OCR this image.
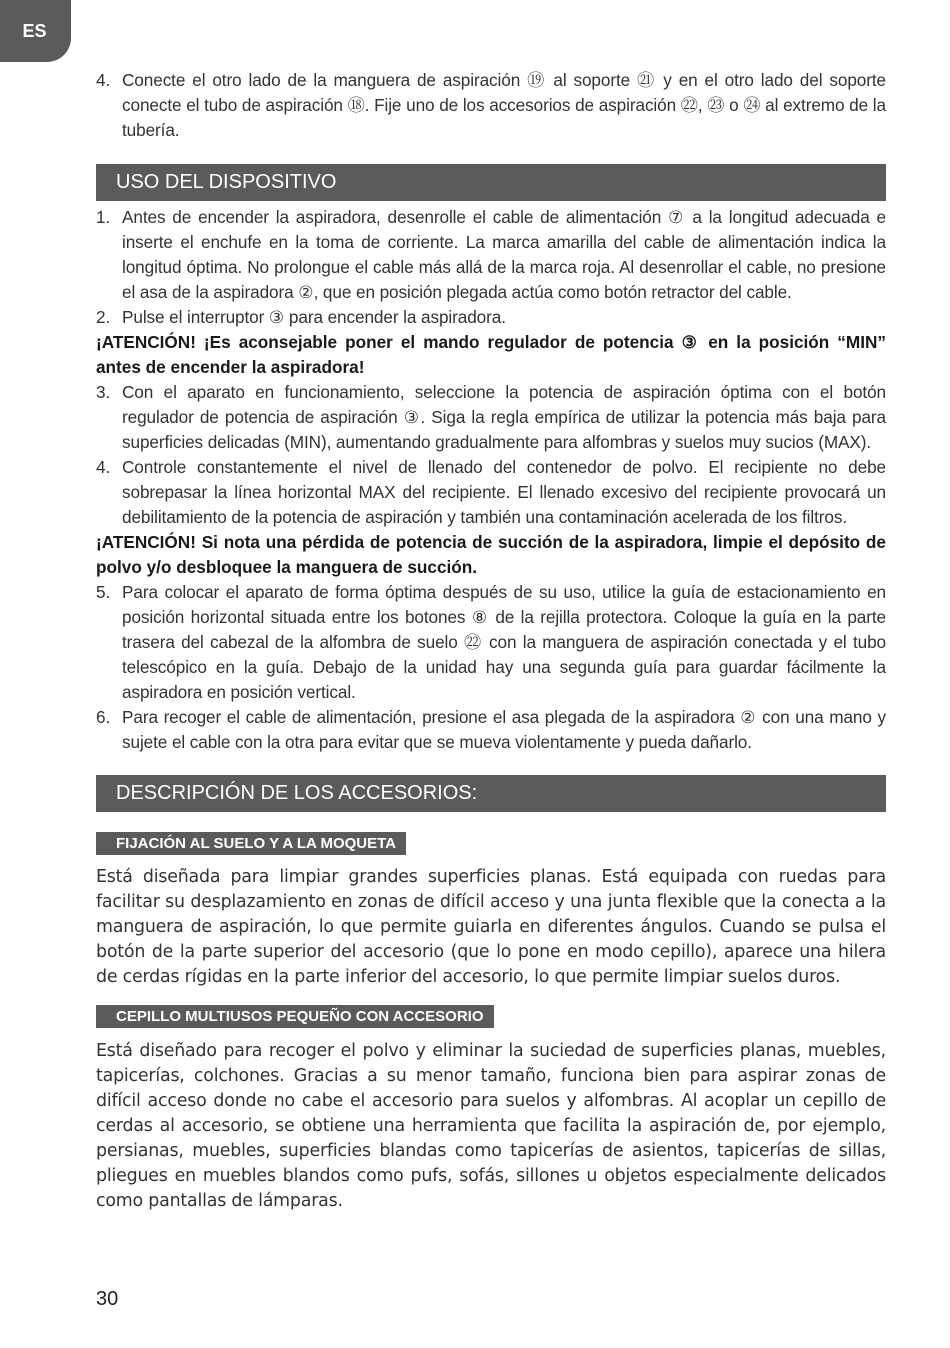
ES
4. Conecte el otro lado de la manguera de aspiración ⑲ al soporte ㉑ y en el otro lado del soporte conecte el tubo de aspiración ⑱. Fije uno de los accesorios de aspiración ㉒, ㉓ o ㉔ al extremo de la tubería.
USO DEL DISPOSITIVO
1. Antes de encender la aspiradora, desenrolle el cable de alimentación ⑦ a la longitud adecuada e inserte el enchufe en la toma de corriente. La marca amarilla del cable de alimentación indica la longitud óptima. No prolongue el cable más allá de la marca roja. Al desenrollar el cable, no presione el asa de la aspiradora ②, que en posición plegada actúa como botón retractor del cable.
2. Pulse el interruptor ③ para encender la aspiradora.
¡ATENCIÓN! ¡Es aconsejable poner el mando regulador de potencia ③ en la posición “MIN” antes de encender la aspiradora!
3. Con el aparato en funcionamiento, seleccione la potencia de aspiración óptima con el botón regulador de potencia de aspiración ③. Siga la regla empírica de utilizar la potencia más baja para superficies delicadas (MIN), aumentando gradualmente para alfombras y suelos muy sucios (MAX).
4. Controle constantemente el nivel de llenado del contenedor de polvo. El recipiente no debe sobrepasar la línea horizontal MAX del recipiente. El llenado excesivo del recipiente provocará un debilitamiento de la potencia de aspiración y también una contaminación acelerada de los filtros.
¡ATENCIÓN! Si nota una pérdida de potencia de succión de la aspiradora, limpie el depósito de polvo y/o desbloquee la manguera de succión.
5. Para colocar el aparato de forma óptima después de su uso, utilice la guía de estacionamiento en posición horizontal situada entre los botones ⑧ de la rejilla protectora. Coloque la guía en la parte trasera del cabezal de la alfombra de suelo ㉒ con la manguera de aspiración conectada y el tubo telescópico en la guía. Debajo de la unidad hay una segunda guía para guardar fácilmente la aspiradora en posición vertical.
6. Para recoger el cable de alimentación, presione el asa plegada de la aspiradora ② con una mano y sujete el cable con la otra para evitar que se mueva violentamente y pueda dañarlo.
DESCRIPCIÓN DE LOS ACCESORIOS:
FIJACIÓN AL SUELO Y A LA MOQUETA
Está diseñada para limpiar grandes superficies planas. Está equipada con ruedas para facilitar su desplazamiento en zonas de difícil acceso y una junta flexible que la conecta a la manguera de aspiración, lo que permite guiarla en diferentes ángulos. Cuando se pulsa el botón de la parte superior del accesorio (que lo pone en modo cepillo), aparece una hilera de cerdas rígidas en la parte inferior del accesorio, lo que permite limpiar suelos duros.
CEPILLO MULTIUSOS PEQUEÑO CON ACCESORIO
Está diseñado para recoger el polvo y eliminar la suciedad de superficies planas, muebles, tapicerías, colchones. Gracias a su menor tamaño, funciona bien para aspirar zonas de difícil acceso donde no cabe el accesorio para suelos y alfombras. Al acoplar un cepillo de cerdas al accesorio, se obtiene una herramienta que facilita la aspiración de, por ejemplo, persianas, muebles, superficies blandas como tapicerías de asientos, tapicerías de sillas, pliegues en muebles blandos como pufs, sofás, sillones u objetos especialmente delicados como pantallas de lámparas.
30
